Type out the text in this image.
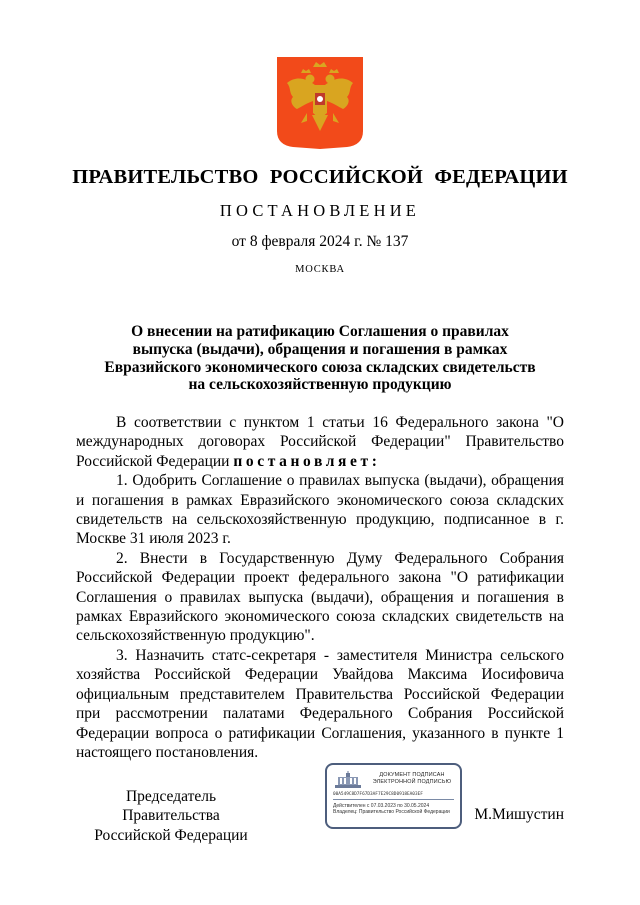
ПРАВИТЕЛЬСТВО РОССИЙСКОЙ ФЕДЕРАЦИИ
ПОСТАНОВЛЕНИЕ
от 8 февраля 2024 г. № 137
МОСКВА
О внесении на ратификацию Соглашения о правилах
выпуска (выдачи), обращения и погашения в рамках
Евразийского экономического союза складских свидетельств
на сельскохозяйственную продукцию

В соответствии с пунктом 1 статьи 16 Федерального закона "О международных договорах Российской Федерации" Правительство Российской Федерации постановляет:

1. Одобрить Соглашение о правилах выпуска (выдачи), обращения и погашения в рамках Евразийского экономического союза складских свидетельств на сельскохозяйственную продукцию, подписанное в г. Москве 31 июля 2023 г.

2. Внести в Государственную Думу Федерального Собрания Российской Федерации проект федерального закона "О ратификации Соглашения о правилах выпуска (выдачи), обращения и погашения в рамках Евразийского экономического союза складских свидетельств на сельскохозяйственную продукцию".

3. Назначить статс-секретаря - заместителя Министра сельского хозяйства Российской Федерации Увайдова Максима Иосифовича официальным представителем Правительства Российской Федерации при рассмотрении палатами Федерального Собрания Российской Федерации вопроса о ратификации Соглашения, указанного в пункте 1 настоящего постановления.

Председатель Правительства
Российской Федерации
ДОКУМЕНТ ПОДПИСАН
ЭЛЕКТРОННОЙ ПОДПИСЬЮ
00A549C8D7F67D3AF7E29C8D0918EA03EF
Действителен с 07.03.2023 по 30.05.2024
Владелец: Правительство Российской Федерации	М.Мишустин
